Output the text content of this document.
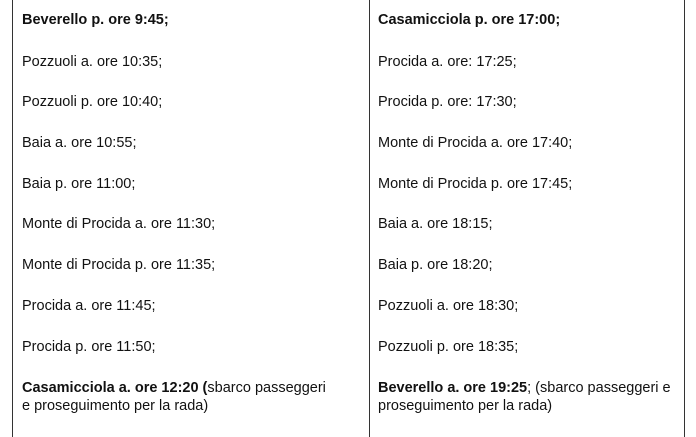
Beverello p. ore 9:45;
Pozzuoli a. ore 10:35;
Pozzuoli p. ore 10:40;
Baia a. ore 10:55;
Baia p. ore 11:00;
Monte di Procida a. ore 11:30;
Monte di Procida p. ore 11:35;
Procida a. ore 11:45;
Procida p. ore 11:50;
Casamicciola a. ore 12:20 (sbarco passeggeri e proseguimento per la rada)
Casamicciola p. ore 17:00;
Procida a. ore: 17:25;
Procida p. ore: 17:30;
Monte di Procida a. ore 17:40;
Monte di Procida p. ore 17:45;
Baia a. ore 18:15;
Baia p. ore 18:20;
Pozzuoli a. ore 18:30;
Pozzuoli p. ore 18:35;
Beverello a. ore 19:25; (sbarco passeggeri e proseguimento per la rada)
